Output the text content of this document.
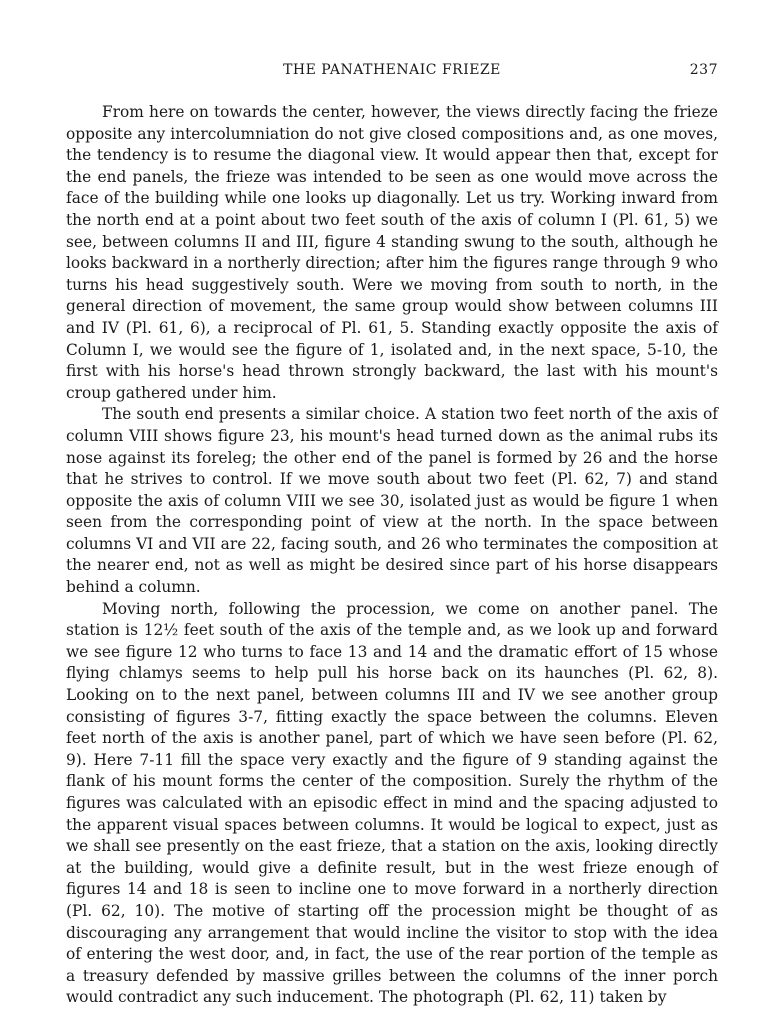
THE PANATHENAIC FRIEZE	237

From here on towards the center, however, the views directly facing the frieze opposite any intercolumniation do not give closed compositions and, as one moves, the tendency is to resume the diagonal view. It would appear then that, except for the end panels, the frieze was intended to be seen as one would move across the face of the building while one looks up diagonally. Let us try. Working inward from the north end at a point about two feet south of the axis of column I (Pl. 61, 5) we see, between columns II and III, figure 4 standing swung to the south, although he looks backward in a northerly direction; after him the figures range through 9 who turns his head suggestively south. Were we moving from south to north, in the general direction of movement, the same group would show between columns III and IV (Pl. 61, 6), a reciprocal of Pl. 61, 5. Standing exactly opposite the axis of Column I, we would see the figure of 1, isolated and, in the next space, 5-10, the first with his horse's head thrown strongly backward, the last with his mount's croup gathered under him.

The south end presents a similar choice. A station two feet north of the axis of column VIII shows figure 23, his mount's head turned down as the animal rubs its nose against its foreleg; the other end of the panel is formed by 26 and the horse that he strives to control. If we move south about two feet (Pl. 62, 7) and stand opposite the axis of column VIII we see 30, isolated just as would be figure 1 when seen from the corresponding point of view at the north. In the space between columns VI and VII are 22, facing south, and 26 who terminates the composition at the nearer end, not as well as might be desired since part of his horse disappears behind a column.

Moving north, following the procession, we come on another panel. The station is 12½ feet south of the axis of the temple and, as we look up and forward we see figure 12 who turns to face 13 and 14 and the dramatic effort of 15 whose flying chlamys seems to help pull his horse back on its haunches (Pl. 62, 8). Looking on to the next panel, between columns III and IV we see another group consisting of figures 3-7, fitting exactly the space between the columns. Eleven feet north of the axis is another panel, part of which we have seen before (Pl. 62, 9). Here 7-11 fill the space very exactly and the figure of 9 standing against the flank of his mount forms the center of the composition. Surely the rhythm of the figures was calculated with an episodic effect in mind and the spacing adjusted to the apparent visual spaces between columns. It would be logical to expect, just as we shall see presently on the east frieze, that a station on the axis, looking directly at the building, would give a definite result, but in the west frieze enough of figures 14 and 18 is seen to incline one to move forward in a northerly direction (Pl. 62, 10). The motive of starting off the procession might be thought of as discouraging any arrangement that would incline the visitor to stop with the idea of entering the west door, and, in fact, the use of the rear portion of the temple as a treasury defended by massive grilles between the columns of the inner porch would contradict any such inducement. The photograph (Pl. 62, 11) taken by
